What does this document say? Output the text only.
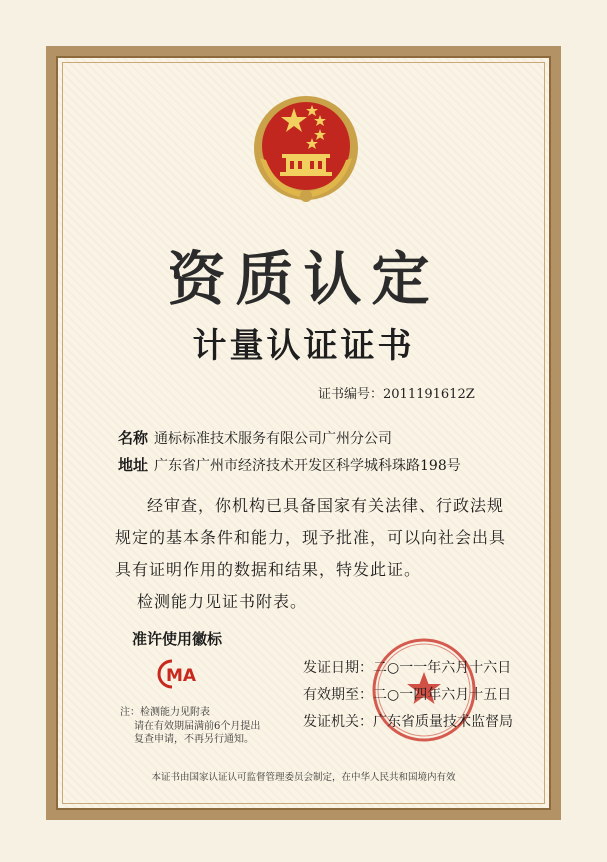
资质认定
计量认证证书
证书编号：2011191612Z
名称 通标标准技术服务有限公司广州分公司
地址 广东省广州市经济技术开发区科学城科珠路198号

经审查，你机构已具备国家有关法律、行政法规

规定的基本条件和能力，现予批准，可以向社会出具

具有证明作用的数据和结果，特发此证。

检测能力见证书附表。

准许使用徽标
MA
注：检测能力见附表
请在有效期届满前6个月提出
复查申请，不再另行通知。
发证日期：二○一一年六月十六日
有效期至：二○一四年六月十五日
发证机关：广东省质量技术监督局
本证书由国家认证认可监督管理委员会制定，在中华人民共和国境内有效
